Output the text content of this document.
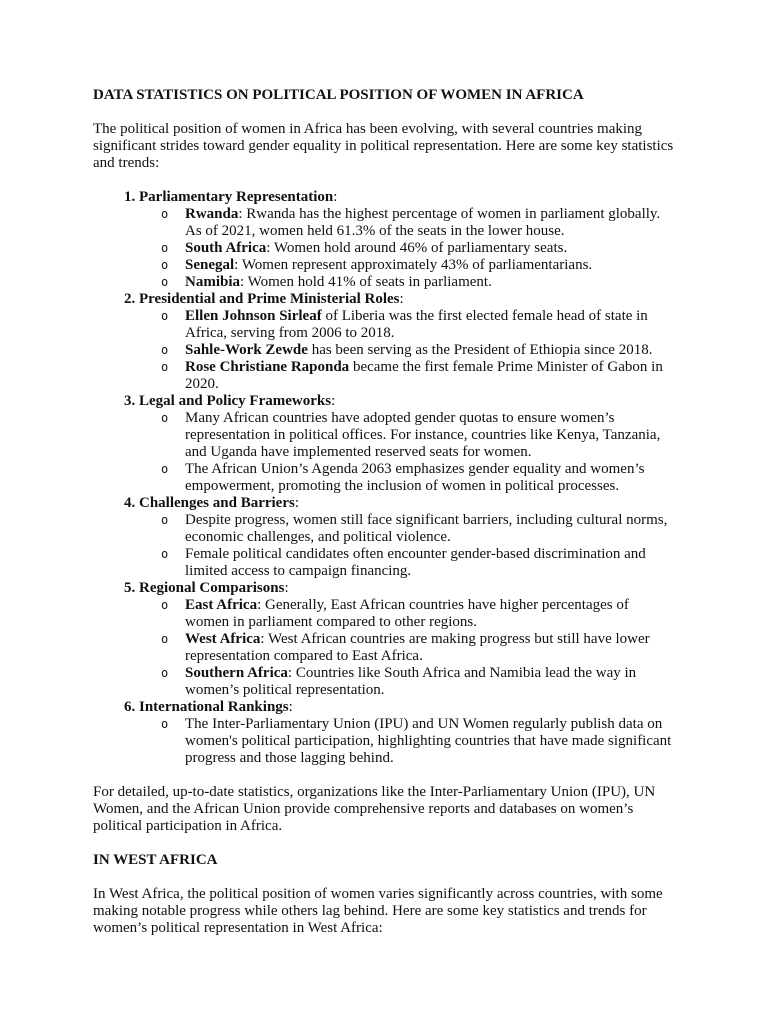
DATA STATISTICS ON POLITICAL POSITION OF WOMEN IN AFRICA

The political position of women in Africa has been evolving, with several countries making significant strides toward gender equality in political representation. Here are some key statistics and trends:

1. Parliamentary Representation:
o Rwanda: Rwanda has the highest percentage of women in parliament globally. As of 2021, women held 61.3% of the seats in the lower house.
o South Africa: Women hold around 46% of parliamentary seats.
o Senegal: Women represent approximately 43% of parliamentarians.
o Namibia: Women hold 41% of seats in parliament.
2. Presidential and Prime Ministerial Roles:
o Ellen Johnson Sirleaf of Liberia was the first elected female head of state in Africa, serving from 2006 to 2018.
o Sahle-Work Zewde has been serving as the President of Ethiopia since 2018.
o Rose Christiane Raponda became the first female Prime Minister of Gabon in 2020.
3. Legal and Policy Frameworks:
o Many African countries have adopted gender quotas to ensure women’s representation in political offices. For instance, countries like Kenya, Tanzania, and Uganda have implemented reserved seats for women.
o The African Union’s Agenda 2063 emphasizes gender equality and women’s empowerment, promoting the inclusion of women in political processes.
4. Challenges and Barriers:
o Despite progress, women still face significant barriers, including cultural norms, economic challenges, and political violence.
o Female political candidates often encounter gender-based discrimination and limited access to campaign financing.
5. Regional Comparisons:
o East Africa: Generally, East African countries have higher percentages of women in parliament compared to other regions.
o West Africa: West African countries are making progress but still have lower representation compared to East Africa.
o Southern Africa: Countries like South Africa and Namibia lead the way in women’s political representation.
6. International Rankings:
o The Inter-Parliamentary Union (IPU) and UN Women regularly publish data on women's political participation, highlighting countries that have made significant progress and those lagging behind.

For detailed, up-to-date statistics, organizations like the Inter-Parliamentary Union (IPU), UN Women, and the African Union provide comprehensive reports and databases on women’s political participation in Africa.

IN WEST AFRICA

In West Africa, the political position of women varies significantly across countries, with some making notable progress while others lag behind. Here are some key statistics and trends for women’s political representation in West Africa:
